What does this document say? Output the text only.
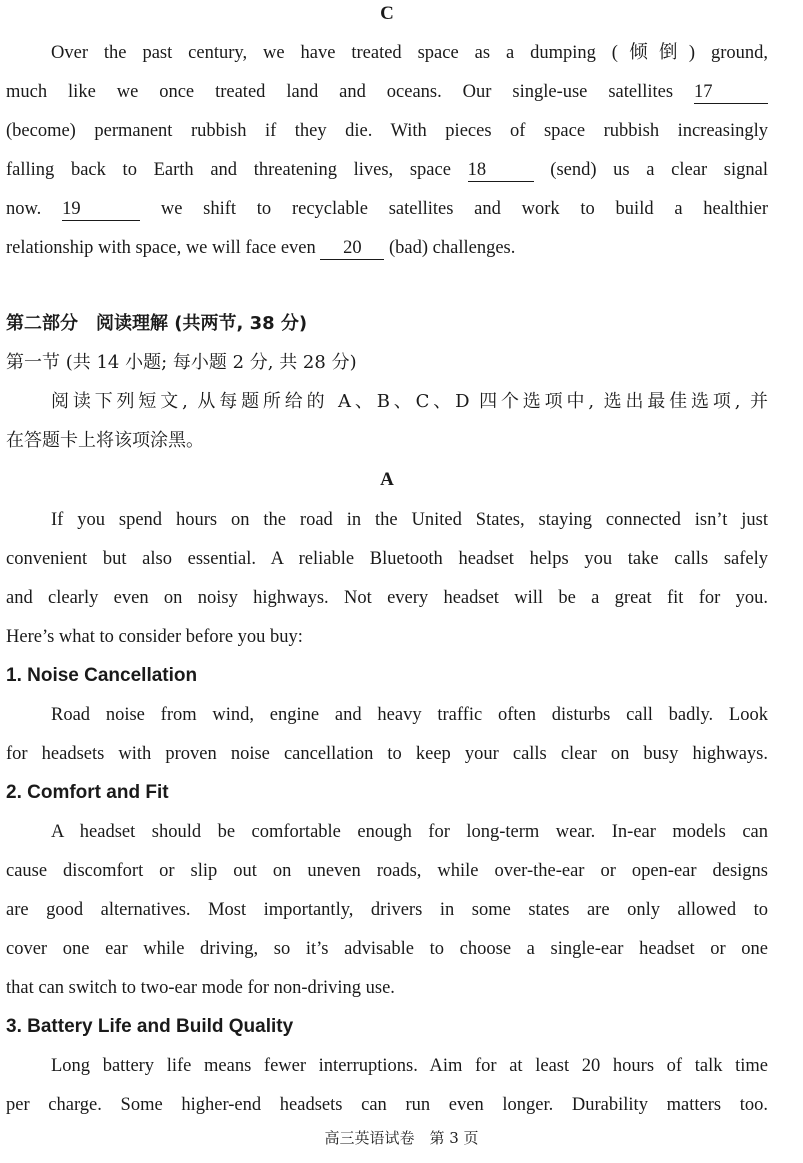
C
Over the past century, we have treated space as a dumping (倾倒) ground,
much like we once treated land and oceans. Our single-use satellites 17
(become) permanent rubbish if they die. With pieces of space rubbish increasingly
falling back to Earth and threatening lives, space 18	(send) us a clear signal
now. 19	we shift to recyclable satellites and work to build a healthier
relationship with space, we will face even 20 (bad) challenges.
第二部分　阅读理解 (共两节, 38 分)
第一节 (共 14 小题; 每小题 2 分, 共 28 分)
阅读下列短文, 从每题所给的 A、B、C、D 四个选项中, 选出最佳选项, 并
在答题卡上将该项涂黑。
A
If you spend hours on the road in the United States, staying connected isn’t just
convenient but also essential. A reliable Bluetooth headset helps you take calls safely
and clearly even on noisy highways. Not every headset will be a great fit for you.
Here’s what to consider before you buy:
1. Noise Cancellation
Road noise from wind, engine and heavy traffic often disturbs call badly. Look
for headsets with proven noise cancellation to keep your calls clear on busy highways.
2. Comfort and Fit
A headset should be comfortable enough for long-term wear. In-ear models can
cause discomfort or slip out on uneven roads, while over-the-ear or open-ear designs
are good alternatives. Most importantly, drivers in some states are only allowed to
cover one ear while driving, so it’s advisable to choose a single-ear headset or one
that can switch to two-ear mode for non-driving use.
3. Battery Life and Build Quality
Long battery life means fewer interruptions. Aim for at least 20 hours of talk time
per charge. Some higher-end headsets can run even longer. Durability matters too.
高三英语试卷　第 3 页
